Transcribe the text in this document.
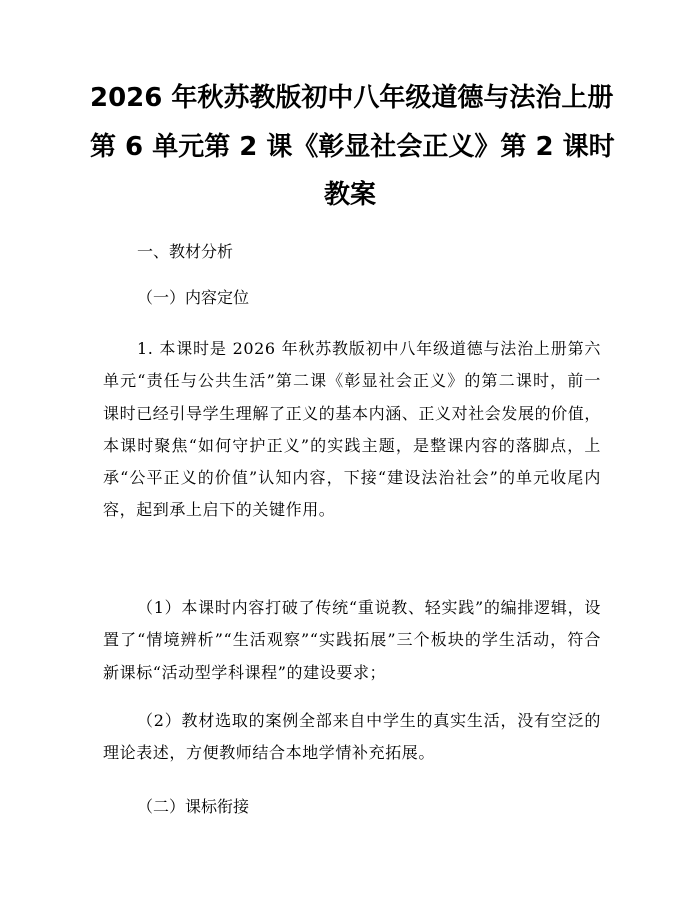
2026 年秋苏教版初中八年级道德与法治上册
第 6 单元第 2 课《彰显社会正义》第 2 课时
教案
一、教材分析
（一）内容定位

1. 本课时是 2026 年秋苏教版初中八年级道德与法治上册第六单元“责任与公共生活”第二课《彰显社会正义》的第二课时，前一课时已经引导学生理解了正义的基本内涵、正义对社会发展的价值，本课时聚焦“如何守护正义”的实践主题，是整课内容的落脚点，上承“公平正义的价值”认知内容，下接“建设法治社会”的单元收尾内容，起到承上启下的关键作用。

（1）本课时内容打破了传统“重说教、轻实践”的编排逻辑，设置了“情境辨析”“生活观察”“实践拓展”三个板块的学生活动，符合新课标“活动型学科课程”的建设要求；

（2）教材选取的案例全部来自中学生的真实生活，没有空泛的理论表述，方便教师结合本地学情补充拓展。

（二）课标衔接
